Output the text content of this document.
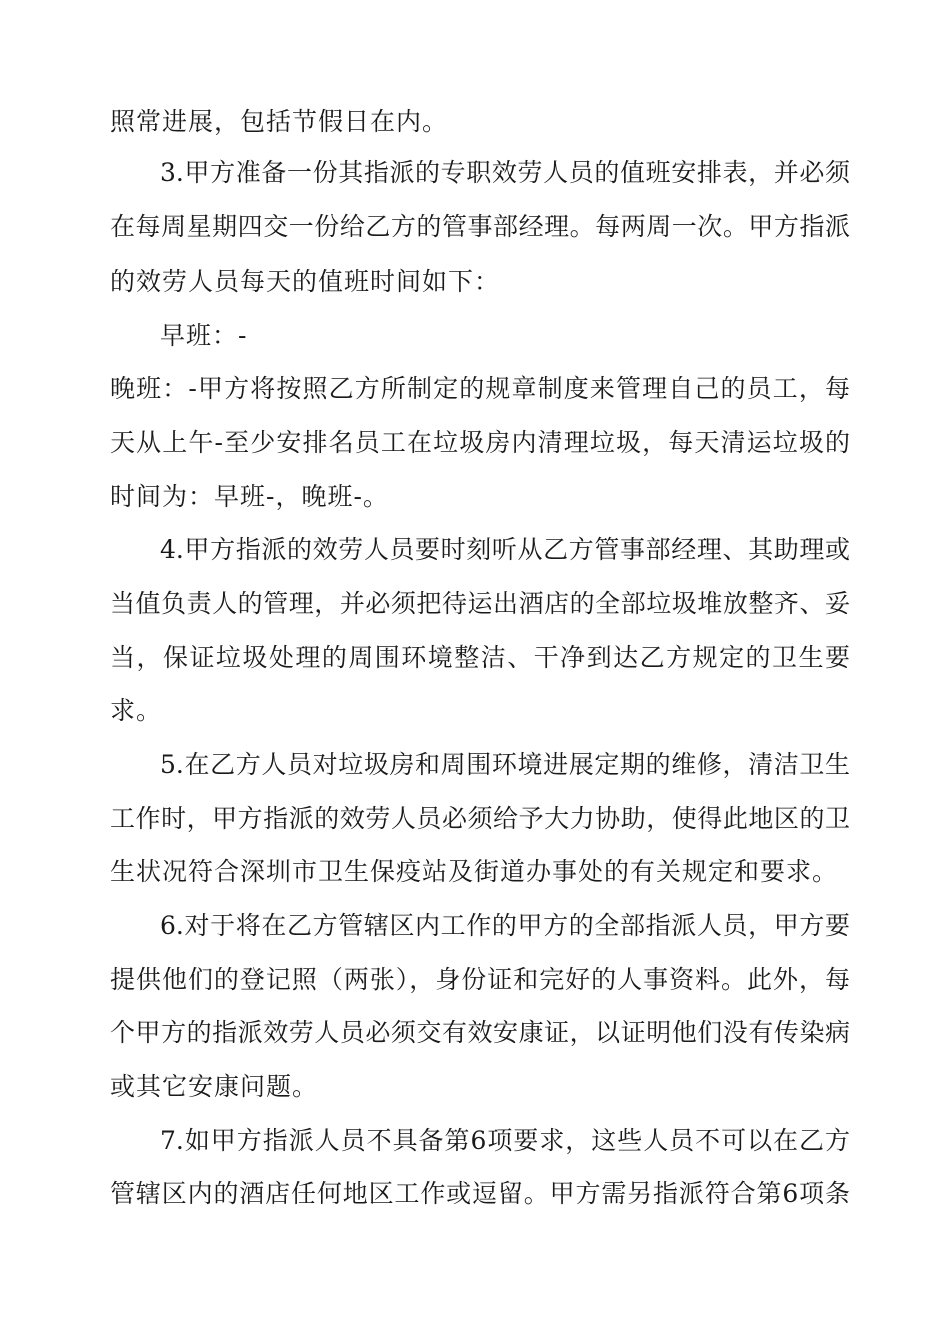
照常进展，包括节假日在内。
3.甲方准备一份其指派的专职效劳人员的值班安排表，并必须
在每周星期四交一份给乙方的管事部经理。每两周一次。甲方指派
的效劳人员每天的值班时间如下：
早班：-
晚班：-甲方将按照乙方所制定的规章制度来管理自己的员工，每
天从上午-至少安排名员工在垃圾房内清理垃圾，每天清运垃圾的
时间为：早班-，晚班-。
4.甲方指派的效劳人员要时刻听从乙方管事部经理、其助理或
当值负责人的管理，并必须把待运出酒店的全部垃圾堆放整齐、妥
当，保证垃圾处理的周围环境整洁、干净到达乙方规定的卫生要
求。
5.在乙方人员对垃圾房和周围环境进展定期的维修，清洁卫生
工作时，甲方指派的效劳人员必须给予大力协助，使得此地区的卫
生状况符合深圳市卫生保疫站及街道办事处的有关规定和要求。
6.对于将在乙方管辖区内工作的甲方的全部指派人员，甲方要
提供他们的登记照（两张），身份证和完好的人事资料。此外，每
个甲方的指派效劳人员必须交有效安康证，以证明他们没有传染病
或其它安康问题。
7.如甲方指派人员不具备第6项要求，这些人员不可以在乙方
管辖区内的酒店任何地区工作或逗留。甲方需另指派符合第6项条
